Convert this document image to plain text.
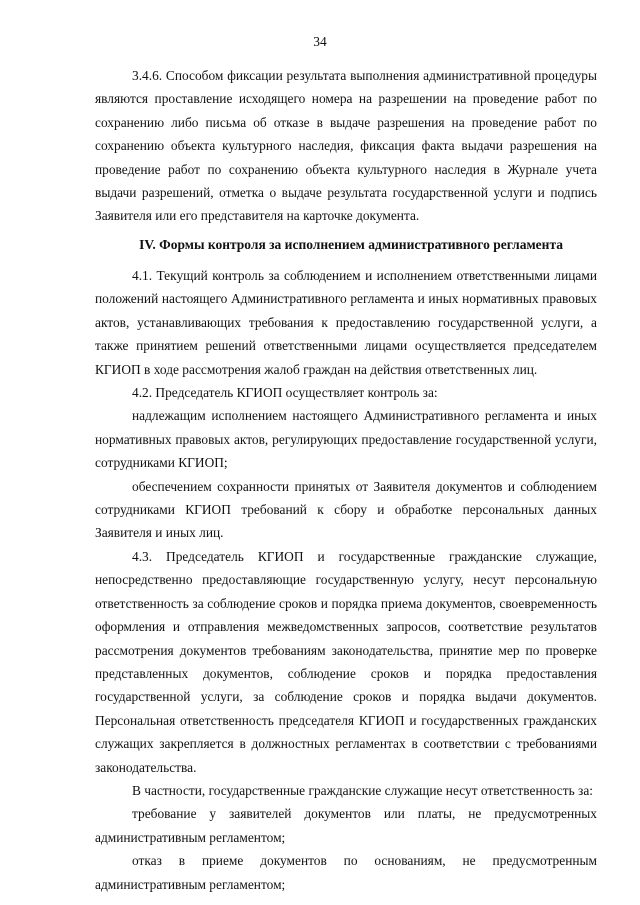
34

3.4.6. Способом фиксации результата выполнения административной процедуры являются проставление исходящего номера на разрешении на проведение работ по сохранению либо письма об отказе в выдаче разрешения на проведение работ по сохранению объекта культурного наследия, фиксация факта выдачи разрешения на проведение работ по сохранению объекта культурного наследия в Журнале учета выдачи разрешений, отметка о выдаче результата государственной услуги и подпись Заявителя или его представителя на карточке документа.

IV. Формы контроля за исполнением административного регламента

4.1. Текущий контроль за соблюдением и исполнением ответственными лицами положений настоящего Административного регламента и иных нормативных правовых актов, устанавливающих требования к предоставлению государственной услуги, а также принятием решений ответственными лицами осуществляется председателем КГИОП в ходе рассмотрения жалоб граждан на действия ответственных лиц.

4.2. Председатель КГИОП осуществляет контроль за:

надлежащим исполнением настоящего Административного регламента и иных нормативных правовых актов, регулирующих предоставление государственной услуги, сотрудниками КГИОП;

обеспечением сохранности принятых от Заявителя документов и соблюдением сотрудниками КГИОП требований к сбору и обработке персональных данных Заявителя и иных лиц.

4.3. Председатель КГИОП и государственные гражданские служащие, непосредственно предоставляющие государственную услугу, несут персональную ответственность за соблюдение сроков и порядка приема документов, своевременность оформления и отправления межведомственных запросов, соответствие результатов рассмотрения документов требованиям законодательства, принятие мер по проверке представленных документов, соблюдение сроков и порядка предоставления государственной услуги, за соблюдение сроков и порядка выдачи документов. Персональная ответственность председателя КГИОП и государственных гражданских служащих закрепляется в должностных регламентах в соответствии с требованиями законодательства.

В частности, государственные гражданские служащие несут ответственность за:

требование у заявителей документов или платы, не предусмотренных административным регламентом;

отказ в приеме документов по основаниям, не предусмотренным административным регламентом;
